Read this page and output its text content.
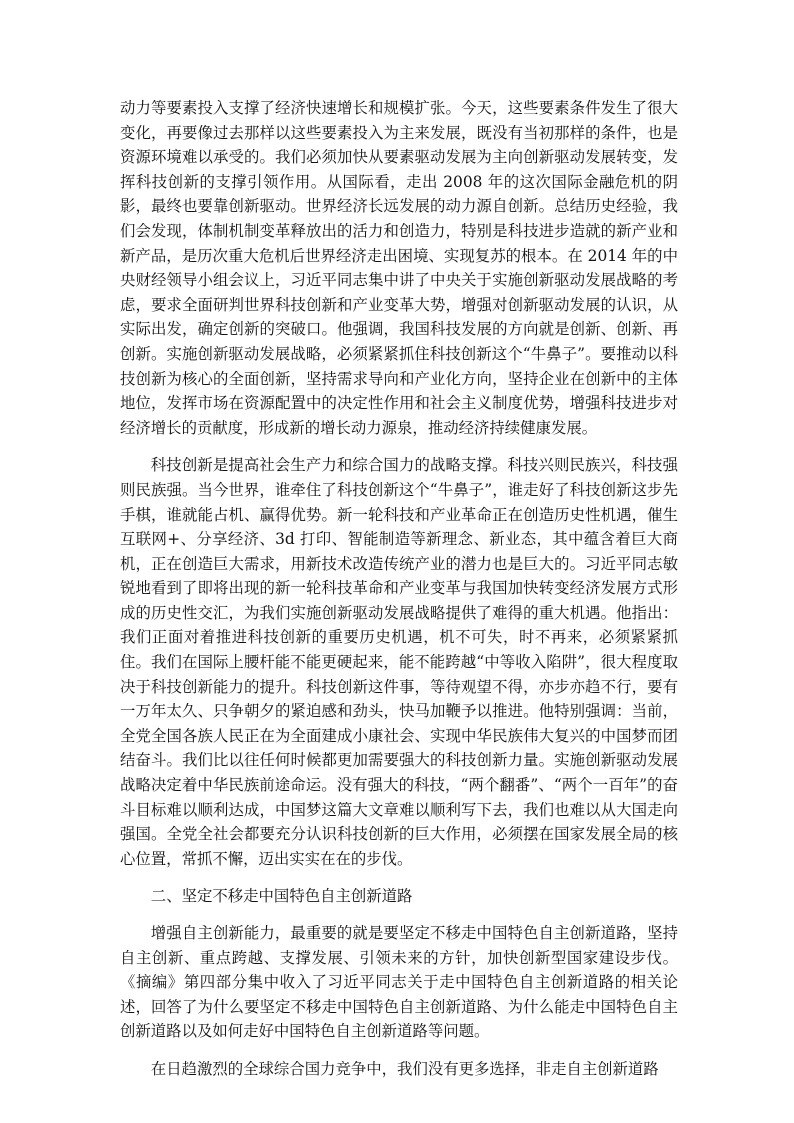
动力等要素投入支撑了经济快速增长和规模扩张。今天，这些要素条件发生了很大变化，再要像过去那样以这些要素投入为主来发展，既没有当初那样的条件，也是资源环境难以承受的。我们必须加快从要素驱动发展为主向创新驱动发展转变，发挥科技创新的支撑引领作用。从国际看，走出 2008 年的这次国际金融危机的阴影，最终也要靠创新驱动。世界经济长远发展的动力源自创新。总结历史经验，我们会发现，体制机制变革释放出的活力和创造力，特别是科技进步造就的新产业和新产品，是历次重大危机后世界经济走出困境、实现复苏的根本。在 2014 年的中央财经领导小组会议上，习近平同志集中讲了中央关于实施创新驱动发展战略的考虑，要求全面研判世界科技创新和产业变革大势，增强对创新驱动发展的认识，从实际出发，确定创新的突破口。他强调，我国科技发展的方向就是创新、创新、再创新。实施创新驱动发展战略，必须紧紧抓住科技创新这个“牛鼻子”。要推动以科技创新为核心的全面创新，坚持需求导向和产业化方向，坚持企业在创新中的主体地位，发挥市场在资源配置中的决定性作用和社会主义制度优势，增强科技进步对经济增长的贡献度，形成新的增长动力源泉，推动经济持续健康发展。

科技创新是提高社会生产力和综合国力的战略支撑。科技兴则民族兴，科技强则民族强。当今世界，谁牵住了科技创新这个“牛鼻子”，谁走好了科技创新这步先手棋，谁就能占机、赢得优势。新一轮科技和产业革命正在创造历史性机遇，催生互联网+、分享经济、3d 打印、智能制造等新理念、新业态，其中蕴含着巨大商机，正在创造巨大需求，用新技术改造传统产业的潜力也是巨大的。习近平同志敏锐地看到了即将出现的新一轮科技革命和产业变革与我国加快转变经济发展方式形成的历史性交汇，为我们实施创新驱动发展战略提供了难得的重大机遇。他指出：我们正面对着推进科技创新的重要历史机遇，机不可失，时不再来，必须紧紧抓住。我们在国际上腰杆能不能更硬起来，能不能跨越“中等收入陷阱”，很大程度取决于科技创新能力的提升。科技创新这件事，等待观望不得，亦步亦趋不行，要有一万年太久、只争朝夕的紧迫感和劲头，快马加鞭予以推进。他特别强调：当前，全党全国各族人民正在为全面建成小康社会、实现中华民族伟大复兴的中国梦而团结奋斗。我们比以往任何时候都更加需要强大的科技创新力量。实施创新驱动发展战略决定着中华民族前途命运。没有强大的科技，“两个翻番”、“两个一百年”的奋斗目标难以顺利达成，中国梦这篇大文章难以顺利写下去，我们也难以从大国走向强国。全党全社会都要充分认识科技创新的巨大作用，必须摆在国家发展全局的核心位置，常抓不懈，迈出实实在在的步伐。

二、坚定不移走中国特色自主创新道路

增强自主创新能力，最重要的就是要坚定不移走中国特色自主创新道路，坚持自主创新、重点跨越、支撑发展、引领未来的方针，加快创新型国家建设步伐。《摘编》第四部分集中收入了习近平同志关于走中国特色自主创新道路的相关论述，回答了为什么要坚定不移走中国特色自主创新道路、为什么能走中国特色自主创新道路以及如何走好中国特色自主创新道路等问题。

在日趋激烈的全球综合国力竞争中，我们没有更多选择，非走自主创新道路
